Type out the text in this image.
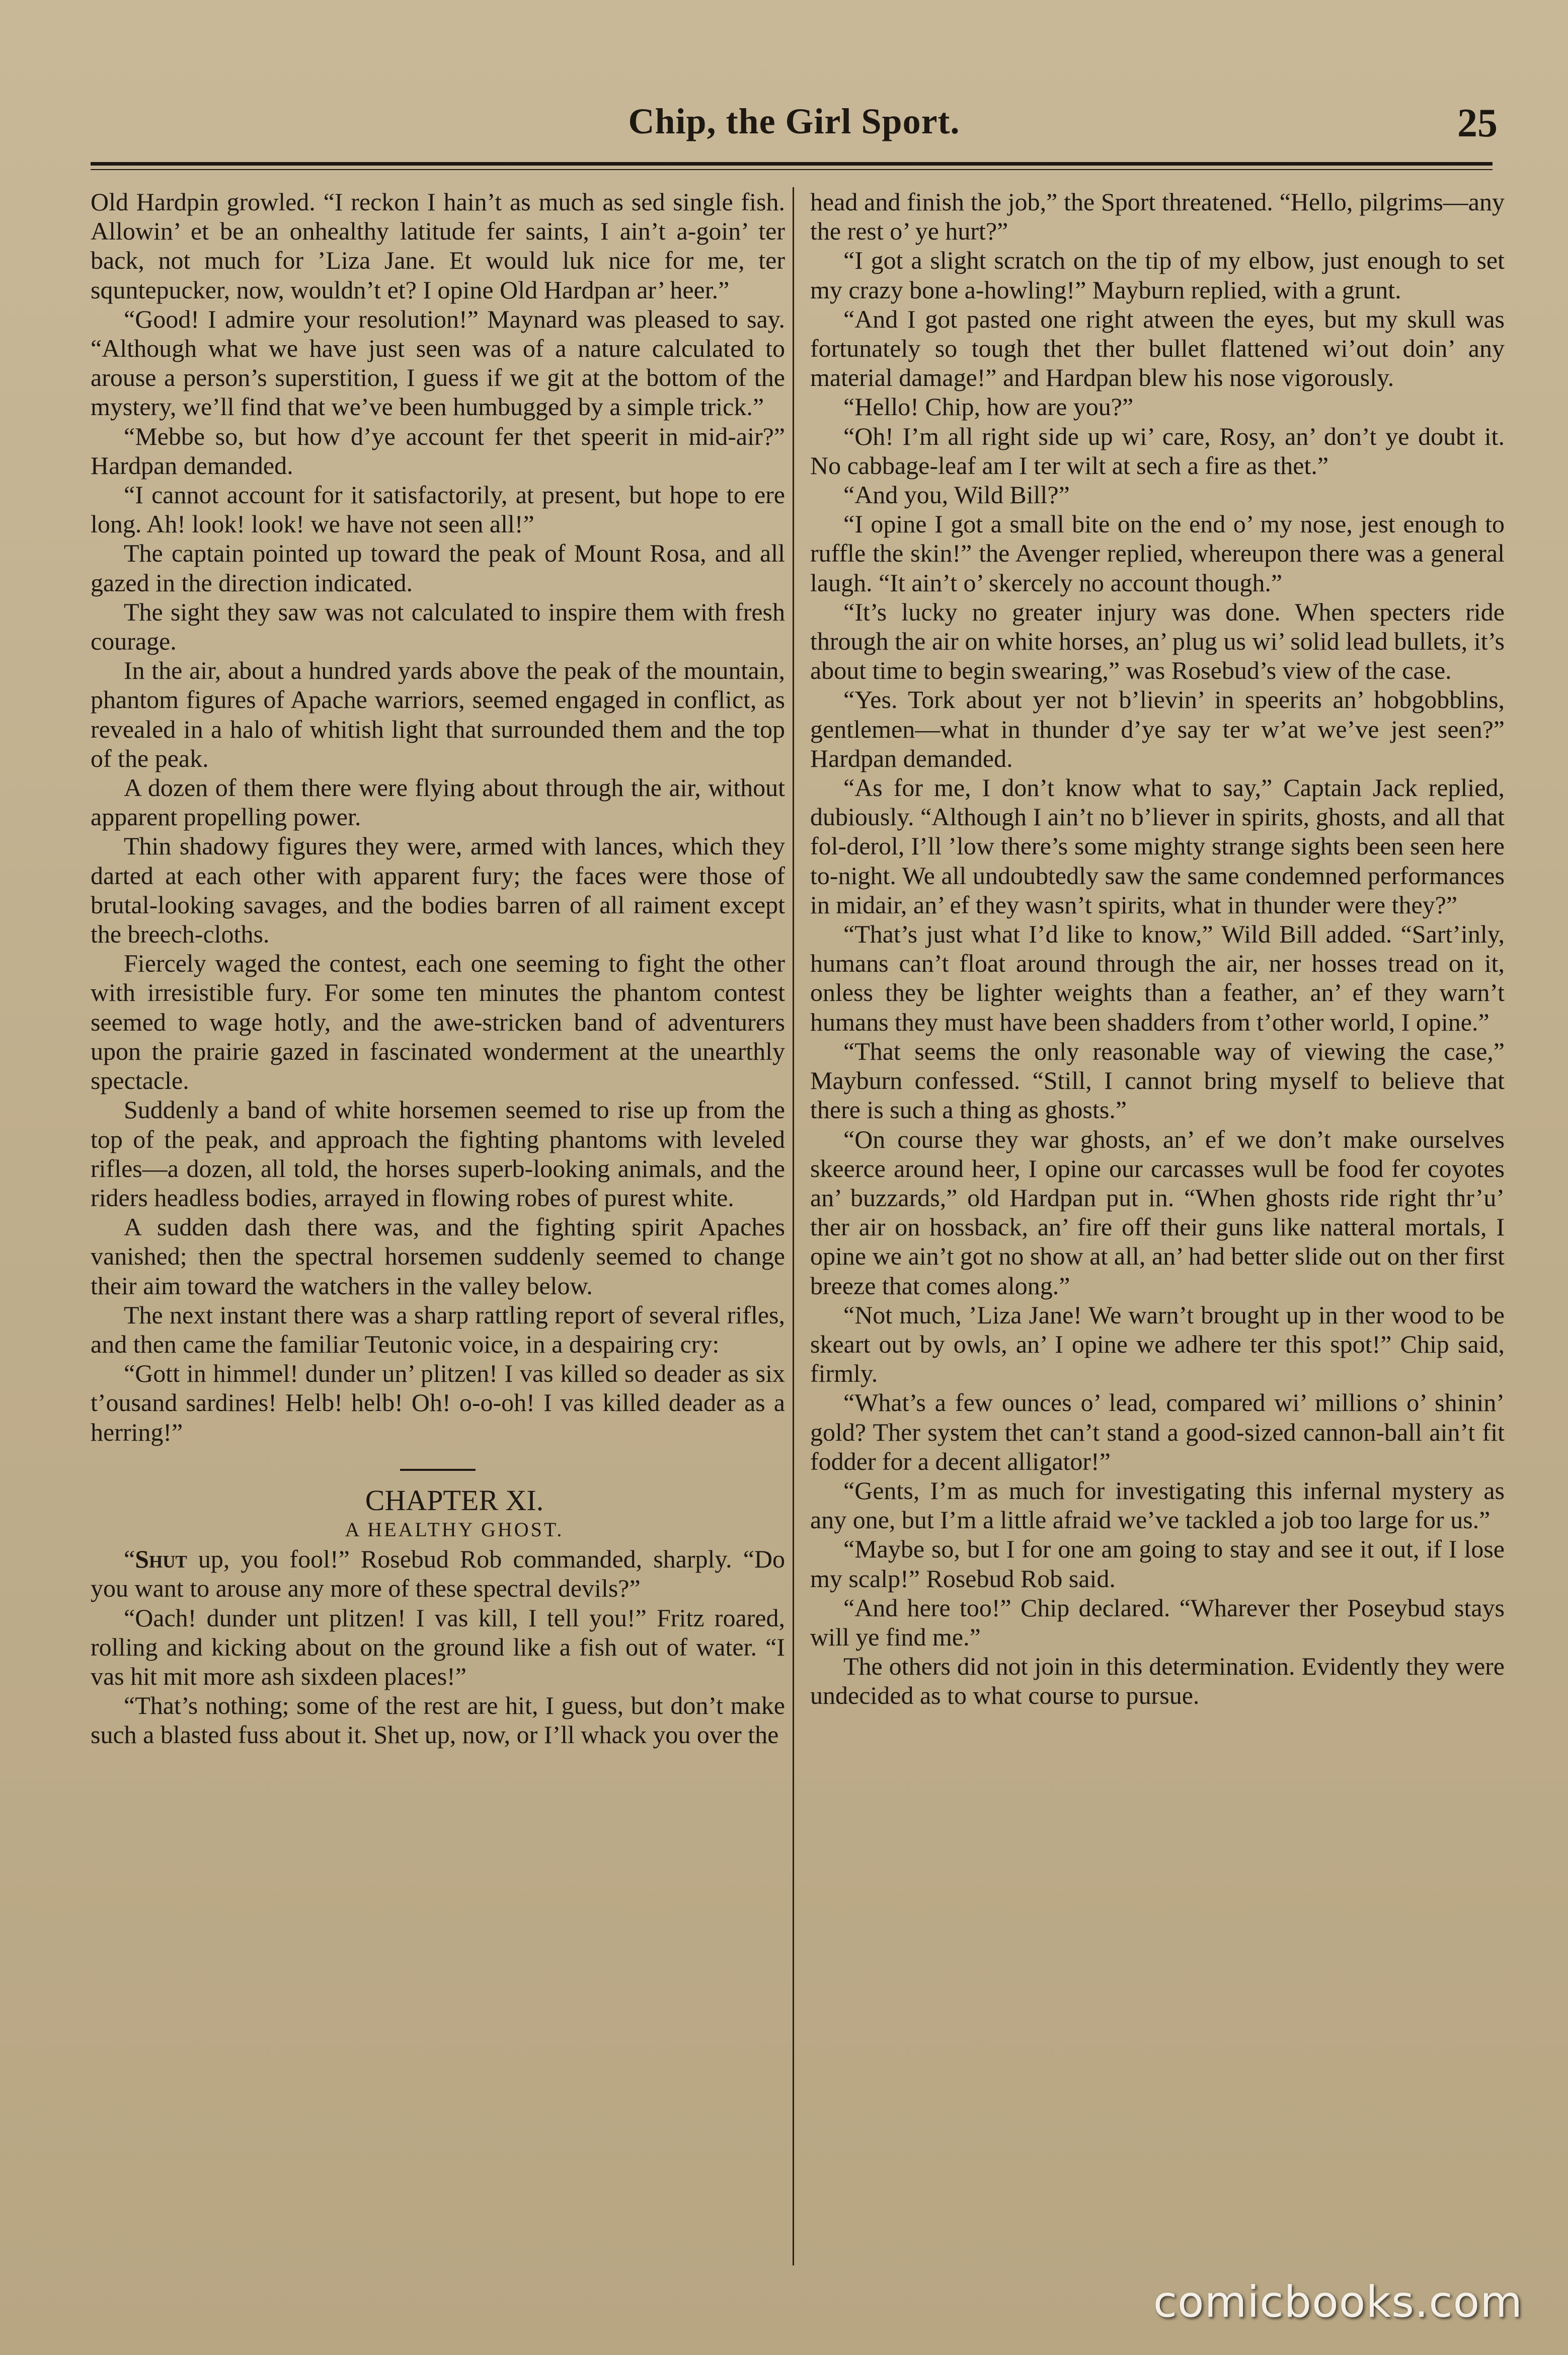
Chip, the Girl Sport.	25

Old Hardpin growled. “I reckon I hain’t as much as sed single fish. Allowin’ et be an onhealthy latitude fer saints, I ain’t a-goin’ ter back, not much for ’Liza Jane. Et would luk nice for me, ter squntepucker, now, wouldn’t et? I opine Old Hardpan ar’ heer.”

“Good! I admire your resolution!” Maynard was pleased to say. “Although what we have just seen was of a nature calculated to arouse a person’s superstition, I guess if we git at the bottom of the mystery, we’ll find that we’ve been humbugged by a simple trick.”

“Mebbe so, but how d’ye account fer thet speerit in mid-air?” Hardpan demanded.

“I cannot account for it satisfactorily, at present, but hope to ere long. Ah! look! look! we have not seen all!”

The captain pointed up toward the peak of Mount Rosa, and all gazed in the direction indicated.

The sight they saw was not calculated to inspire them with fresh courage.

In the air, about a hundred yards above the peak of the mountain, phantom figures of Apache warriors, seemed engaged in conflict, as revealed in a halo of whitish light that surrounded them and the top of the peak.

A dozen of them there were flying about through the air, without apparent propelling power.

Thin shadowy figures they were, armed with lances, which they darted at each other with apparent fury; the faces were those of brutal-looking savages, and the bodies barren of all raiment except the breech-cloths.

Fiercely waged the contest, each one seeming to fight the other with irresistible fury. For some ten minutes the phantom contest seemed to wage hotly, and the awe-stricken band of adventurers upon the prairie gazed in fascinated wonderment at the unearthly spectacle.

Suddenly a band of white horsemen seemed to rise up from the top of the peak, and approach the fighting phantoms with leveled rifles—a dozen, all told, the horses superb-looking animals, and the riders headless bodies, arrayed in flowing robes of purest white.

A sudden dash there was, and the fighting spirit Apaches vanished; then the spectral horsemen suddenly seemed to change their aim toward the watchers in the valley below.

The next instant there was a sharp rattling report of several rifles, and then came the familiar Teutonic voice, in a despairing cry:

“Gott in himmel! dunder un’ plitzen! I vas killed so deader as six t’ousand sardines! Helb! helb! Oh! o-o-oh! I vas killed deader as a herring!”

CHAPTER XI.

A HEALTHY GHOST.

“Shut up, you fool!” Rosebud Rob commanded, sharply. “Do you want to arouse any more of these spectral devils?”

“Oach! dunder unt plitzen! I vas kill, I tell you!” Fritz roared, rolling and kicking about on the ground like a fish out of water. “I vas hit mit more ash sixdeen places!”

“That’s nothing; some of the rest are hit, I guess, but don’t make such a blasted fuss about it. Shet up, now, or I’ll whack you over the

head and finish the job,” the Sport threatened. “Hello, pilgrims—any the rest o’ ye hurt?”

“I got a slight scratch on the tip of my elbow, just enough to set my crazy bone a-howling!” Mayburn replied, with a grunt.

“And I got pasted one right atween the eyes, but my skull was fortunately so tough thet ther bullet flattened wi’out doin’ any material damage!” and Hardpan blew his nose vigorously.

“Hello! Chip, how are you?”

“Oh! I’m all right side up wi’ care, Rosy, an’ don’t ye doubt it. No cabbage-leaf am I ter wilt at sech a fire as thet.”

“And you, Wild Bill?”

“I opine I got a small bite on the end o’ my nose, jest enough to ruffle the skin!” the Avenger replied, whereupon there was a general laugh. “It ain’t o’ skercely no account though.”

“It’s lucky no greater injury was done. When specters ride through the air on white horses, an’ plug us wi’ solid lead bullets, it’s about time to begin swearing,” was Rosebud’s view of the case.

“Yes. Tork about yer not b’lievin’ in speerits an’ hobgobblins, gentlemen—what in thunder d’ye say ter w’at we’ve jest seen?” Hardpan demanded.

“As for me, I don’t know what to say,” Captain Jack replied, dubiously. “Although I ain’t no b’liever in spirits, ghosts, and all that fol-derol, I’ll ’low there’s some mighty strange sights been seen here to-night. We all undoubtedly saw the same condemned performances in midair, an’ ef they wasn’t spirits, what in thunder were they?”

“That’s just what I’d like to know,” Wild Bill added. “Sart’inly, humans can’t float around through the air, ner hosses tread on it, onless they be lighter weights than a feather, an’ ef they warn’t humans they must have been shadders from t’other world, I opine.”

“That seems the only reasonable way of viewing the case,” Mayburn confessed. “Still, I cannot bring myself to believe that there is such a thing as ghosts.”

“On course they war ghosts, an’ ef we don’t make ourselves skeerce around heer, I opine our carcasses wull be food fer coyotes an’ buzzards,” old Hardpan put in. “When ghosts ride right thr’u’ ther air on hossback, an’ fire off their guns like natteral mortals, I opine we ain’t got no show at all, an’ had better slide out on ther first breeze that comes along.”

“Not much, ’Liza Jane! We warn’t brought up in ther wood to be skeart out by owls, an’ I opine we adhere ter this spot!” Chip said, firmly.

“What’s a few ounces o’ lead, compared wi’ millions o’ shinin’ gold? Ther system thet can’t stand a good-sized cannon-ball ain’t fit fodder for a decent alligator!”

“Gents, I’m as much for investigating this infernal mystery as any one, but I’m a little afraid we’ve tackled a job too large for us.”

“Maybe so, but I for one am going to stay and see it out, if I lose my scalp!” Rosebud Rob said.

“And here too!” Chip declared. “Wharever ther Poseybud stays will ye find me.”

The others did not join in this determination. Evidently they were undecided as to what course to pursue.

comicbooks.com
